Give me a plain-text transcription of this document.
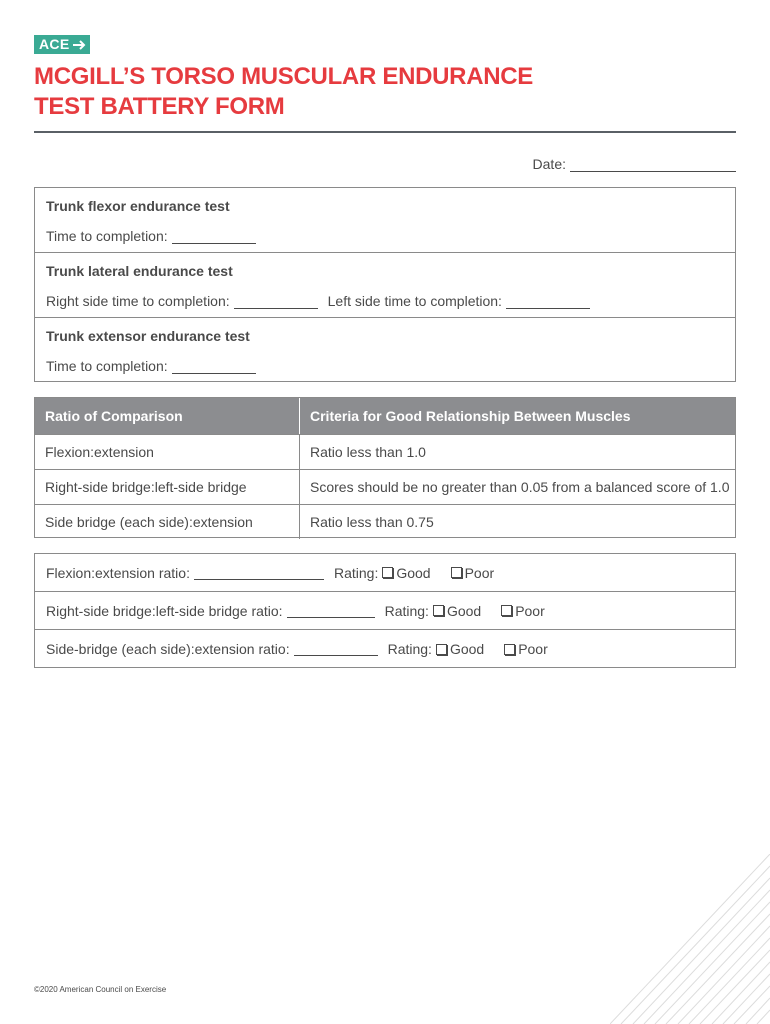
ACE
MCGILL’S TORSO MUSCULAR ENDURANCE
TEST BATTERY FORM
Date:
Trunk flexor endurance test
Time to completion:
Trunk lateral endurance test
Right side time to completion:	Left side time to completion:
Trunk extensor endurance test
Time to completion:
Ratio of Comparison	Criteria for Good Relationship Between Muscles
Flexion:extension	Ratio less than 1.0
Right-side bridge:left-side bridge	Scores should be no greater than 0.05 from a balanced score of 1.0
Side bridge (each side):extension	Ratio less than 0.75
Flexion:extension ratio:	Rating: Good Poor
Right-side bridge:left-side bridge ratio:	Rating: Good Poor
Side-bridge (each side):extension ratio:	Rating: Good Poor
©2020 American Council on Exercise
